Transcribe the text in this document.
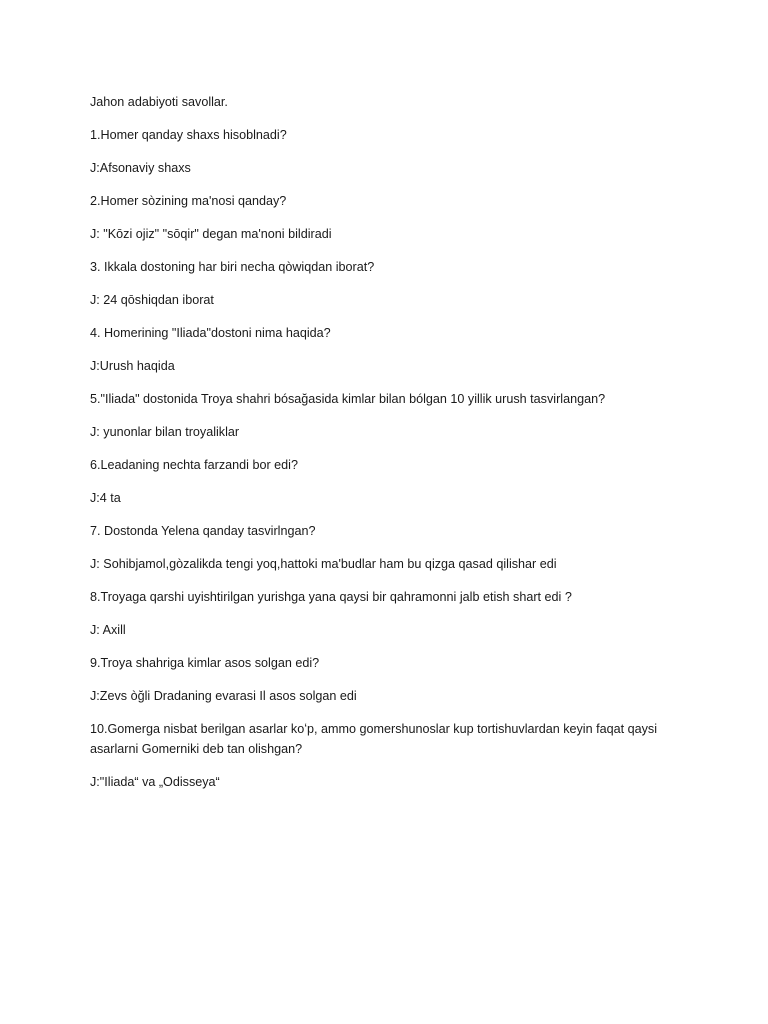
Jahon adabiyoti savollar.

1.Homer qanday shaxs hisoblnadi?

J:Afsonaviy shaxs

2.Homer sòzining ma'nosi qanday?

J: "Kōzi ojiz" "sōqir" degan ma'noni bildiradi

3. Ikkala dostoning har biri necha qòwiqdan iborat?

J: 24 qōshiqdan iborat

4. Homerining "Iliada"dostoni nima haqida?

J:Urush haqida

5."Iliada" dostonida Troya shahri bósağasida kimlar bilan bólgan 10 yillik urush tasvirlangan?

J: yunonlar bilan troyaliklar

6.Leadaning nechta farzandi bor edi?

J:4 ta

7. Dostonda Yelena qanday tasvirlngan?

J: Sohibjamol,gòzalikda tengi yoq,hattoki ma'budlar ham bu qizga qasad qilishar edi

8.Troyaga qarshi uyishtirilgan yurishga yana qaysi bir qahramonni jalb etish shart edi ?

J: Axill

9.Troya shahriga kimlar asos solgan edi?

J:Zevs òğli Dradaning evarasi Il asos solgan edi

10.Gomerga nisbat berilgan asarlar koʻp, ammo gomershunoslar kup tortishuvlardan keyin faqat qaysi asarlarni Gomerniki deb tan olishgan?

J:"Iliada“ va „Odisseya“
